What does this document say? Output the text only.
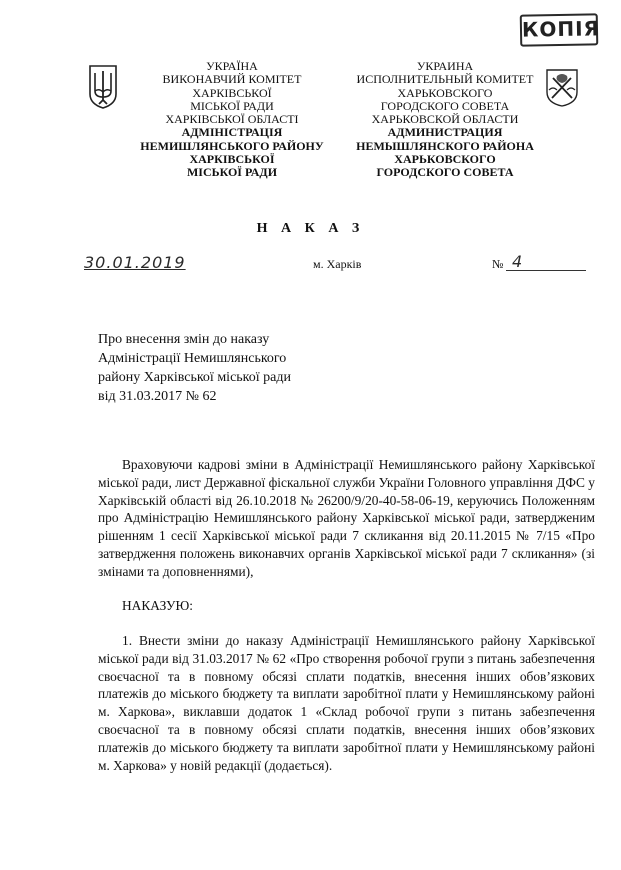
КОПІЯ
УКРАЇНА
ВИКОНАВЧИЙ КОМІТЕТ
ХАРКІВСЬКОЇ
МІСЬКОЇ РАДИ
ХАРКІВСЬКОЇ ОБЛАСТІ
АДМІНІСТРАЦІЯ
НЕМИШЛЯНСЬКОГО РАЙОНУ
ХАРКІВСЬКОЇ
МІСЬКОЇ РАДИ
УКРАИНА
ИСПОЛНИТЕЛЬНЫЙ КОМИТЕТ
ХАРЬКОВСКОГО
ГОРОДСКОГО СОВЕТА
ХАРЬКОВСКОЙ ОБЛАСТИ
АДМИНИСТРАЦИЯ
НЕМЫШЛЯНСКОГО РАЙОНА
ХАРЬКОВСКОГО
ГОРОДСКОГО СОВЕТА
Н А К А З
30.01.2019	м. Харків	№ 4
Про внесення змін до наказу
Адміністрації Немишлянського
району Харківської міської ради
від 31.03.2017 № 62
Враховуючи кадрові зміни в Адміністрації Немишлянського району Харківської міської ради, лист Державної фіскальної служби України Головного управління ДФС у Харківській області від 26.10.2018 № 26200/9/20-40-58-06-19, керуючись Положенням про Адміністрацію Немишлянського району Харківської міської ради, затвердженим рішенням 1 сесії Харківської міської ради 7 скликання від 20.11.2015 № 7/15 «Про затвердження положень виконавчих органів Харківської міської ради 7 скликання» (зі змінами та доповненнями),
НАКАЗУЮ:
1. Внести зміни до наказу Адміністрації Немишлянського району Харківської міської ради від 31.03.2017 № 62 «Про створення робочої групи з питань забезпечення своєчасної та в повному обсязі сплати податків, внесення інших обов’язкових платежів до міського бюджету та виплати заробітної плати у Немишлянському районі м. Харкова», виклавши додаток 1 «Склад робочої групи з питань забезпечення своєчасної та в повному обсязі сплати податків, внесення інших обов’язкових платежів до міського бюджету та виплати заробітної плати у Немишлянському районі м. Харкова» у новій редакції (додається).
